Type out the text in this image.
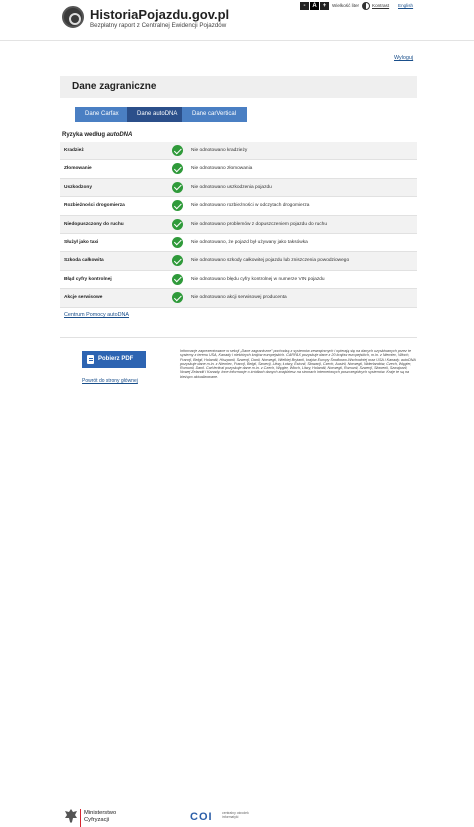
HistoriaPojazdu.gov.pl
Bezpłatny raport z Centralnej Ewidencji Pojazdów
-	A	+	Wielkość liter	Kontrast English
Wyloguj
Dane zagraniczne
Dane Carfax	Dane autoDNA	Dane carVertical
Ryzyka według autoDNA
Kradzież	Nie odnotowano kradzieży
Złomowanie	Nie odnotowano złomowania
Uszkodzony	Nie odnotowano uszkodzenia pojazdu
Rozbieżności drogomierza	Nie odnotowano rozbieżności w odczytach drogomierza
Niedopuszczony do ruchu	Nie odnotowano problemów z dopuszczeniem pojazdu do ruchu
Służył jako taxi	Nie odnotowano, że pojazd był używany jako taksówka
Szkoda całkowita	Nie odnotowano szkody całkowitej pojazdu lub zniszczenia powodziowego
Błąd cyfry kontrolnej	Nie odnotowano błędu cyfry kontrolnej w numerze VIN pojazdu
Akcje serwisowe	Nie odnotowano akcji serwisowej producenta
Centrum Pomocy autoDNA
Pobierz PDF
Powrót do strony głównej
Informacje zaprezentowane w sekcji „Dane zagraniczne” pochodzą z systemów zewnętrznych i opierają się na danych uzyskiwanych przez te systemy z terenu USA, Kanady i niektórych krajów europejskich. CARFAX pozyskuje dane z 20 krajów europejskich, m.in. z Niemiec, Włoch, Francji, Belgii, Holandii, Hiszpanii, Szwecji, Danii, Norwegii, Wielkiej Brytanii, krajów Europy Środkowo-Wschodniej oraz USA i Kanady. autoDNA pozyskuje dane m.in. z Niemiec, Francji, Belgii, Szwecji, Litwy, Łotwy, Estonii, Słowacji, Czech, Austrii, Norwegii, Niderlandów, Czech, Węgier, Rumunii, Danii. CarVertical pozyskuje dane m.in. z Czech, Węgier, Włoch, Litwy, Holandii, Norwegii, Rumunii, Szwecji, Słowenii, Szwajcarii, Nowej Zelandii i Kanady. Inne informacje o źródłach danych znajdziesz na stronach internetowych poszczególnych systemów. Kraje te są na bieżąco aktualizowane.
Ministerstwo
Cyfryzacji	COI	centralny ośrodek informatyki
